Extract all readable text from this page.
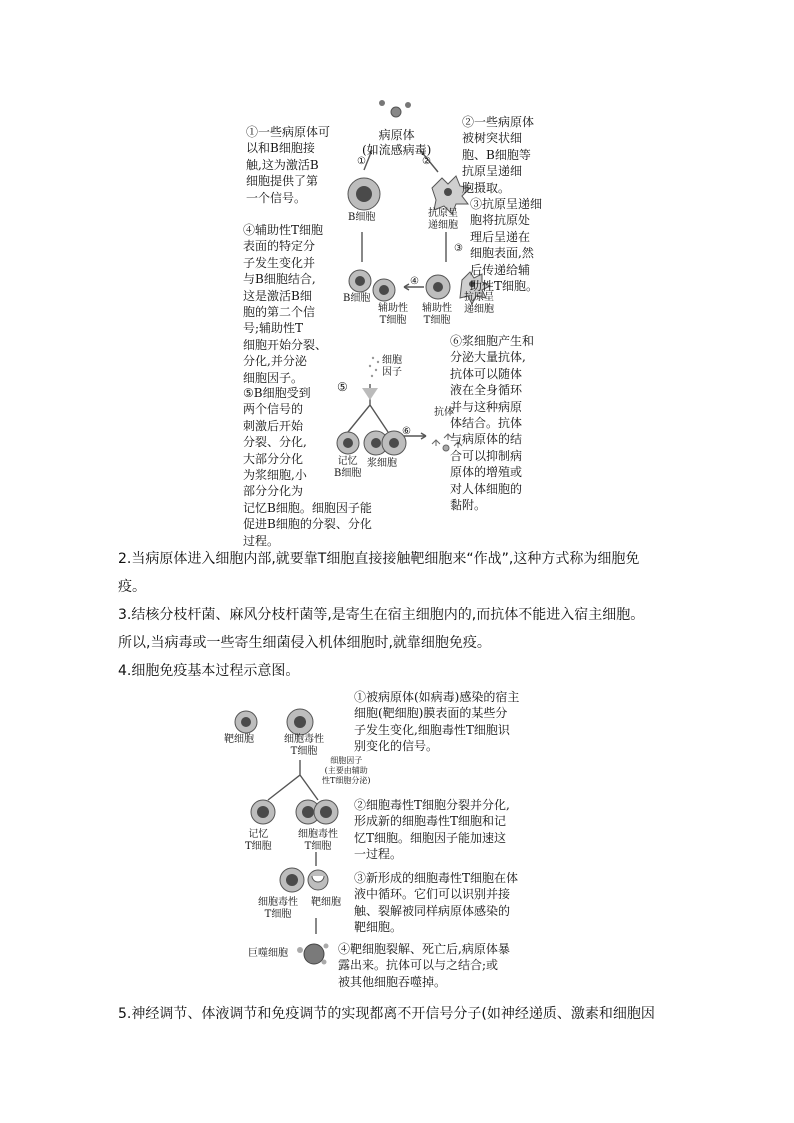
①一些病原体可
以和B细胞接
触,这为激活B
细胞提供了第
一个信号。
②一些病原体
被树突状细
胞、B细胞等
抗原呈递细
胞摄取。
③抗原呈递细
胞将抗原处
理后呈递在
细胞表面,然
后传递给辅
助性T细胞。
④辅助性T细胞
表面的特定分
子发生变化并
与B细胞结合,
这是激活B细
胞的第二个信
号;辅助性T
细胞开始分裂、
分化,并分泌
细胞因子。
⑤B细胞受到
两个信号的
刺激后开始
分裂、分化,
大部分分化
为浆细胞,小
部分分化为
记忆B细胞。细胞因子能
促进B细胞的分裂、分化
过程。
⑥浆细胞产生和
分泌大量抗体,
抗体可以随体
液在全身循环
并与这种病原
体结合。抗体
与病原体的结
合可以抑制病
原体的增殖或
对人体细胞的
黏附。
病原体
(如流感病毒)
①	②
③
④
⑤
⑥
B细胞	抗原呈
递细胞
B细胞
辅助性
T细胞
辅助性
T细胞
抗原呈
递细胞
细胞
因子
记忆
B细胞
浆细胞
抗体
2.当病原体进入细胞内部,就要靠T细胞直接接触靶细胞来“作战”,这种方式称为细胞免
疫。
3.结核分枝杆菌、麻风分枝杆菌等,是寄生在宿主细胞内的,而抗体不能进入宿主细胞。
所以,当病毒或一些寄生细菌侵入机体细胞时,就靠细胞免疫。
4.细胞免疫基本过程示意图。
①被病原体(如病毒)感染的宿主
细胞(靶细胞)膜表面的某些分
子发生变化,细胞毒性T细胞识
别变化的信号。
②细胞毒性T细胞分裂并分化,
形成新的细胞毒性T细胞和记
忆T细胞。细胞因子能加速这
一过程。
③新形成的细胞毒性T细胞在体
液中循环。它们可以识别并接
触、裂解被同样病原体感染的
靶细胞。
④靶细胞裂解、死亡后,病原体暴
露出来。抗体可以与之结合;或
被其他细胞吞噬掉。
靶细胞	细胞毒性
T细胞
细胞因子
(主要由辅助
性T细胞分泌)
记忆
T细胞
细胞毒性
T细胞
细胞毒性
T细胞
靶细胞
巨噬细胞
5.神经调节、体液调节和免疫调节的实现都离不开信号分子(如神经递质、激素和细胞因
